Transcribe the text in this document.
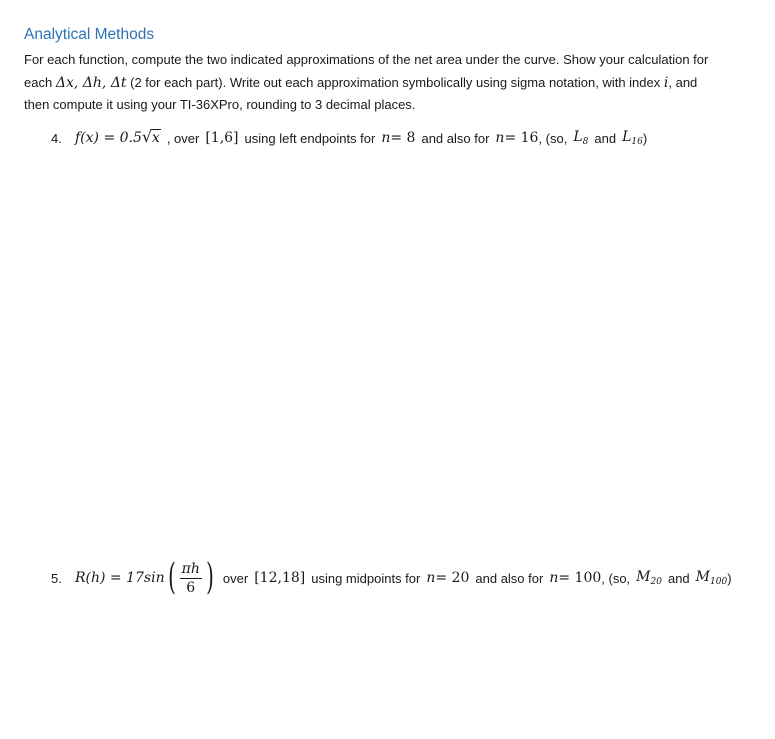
Analytical Methods
For each function, compute the two indicated approximations of the net area under the curve. Show your calculation for
each Δx, Δh, Δt (2 for each part). Write out each approximation symbolically using sigma notation, with index i, and
then compute it using your TI-36XPro, rounding to 3 decimal places.
4. f(x) = 0.5 √ x , over [1,6] using left endpoints for n = 8 and also for n = 16 , (so, $L_8$ and $L_{16}$ )
5. R(h) = 17sin ( $\frac{\pi h}{6}$ ) over [12,18] using midpoints for n = 20 and also for n = 100 , (so, $M_{20}$ and $M_{100}$ )
